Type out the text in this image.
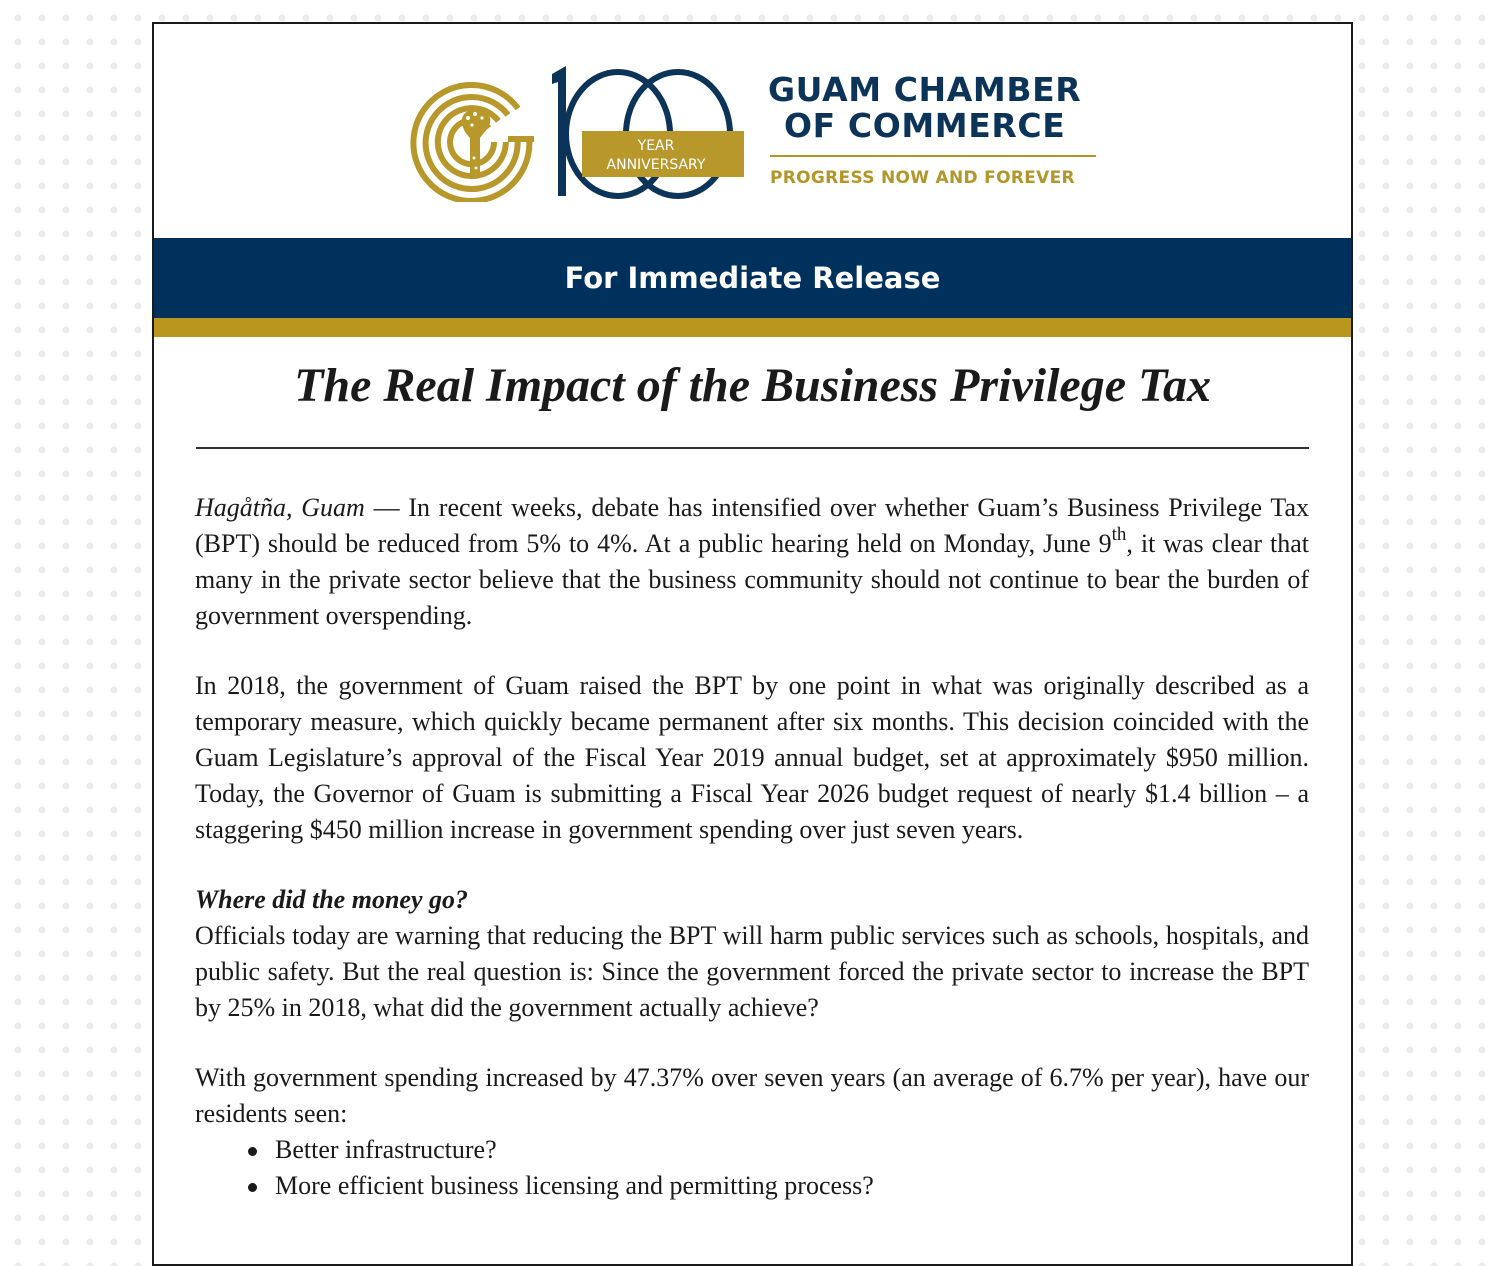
YEAR
ANNIVERSARY
GUAM CHAMBER
OF COMMERCE
PROGRESS NOW AND FOREVER
For Immediate Release
The Real Impact of the Business Privilege Tax

Hagåtña, Guam — In recent weeks, debate has intensified over whether Guam’s Business Privilege Tax (BPT) should be reduced from 5% to 4%. At a public hearing held on Monday, June 9th, it was clear that many in the private sector believe that the business community should not continue to bear the burden of government overspending.

In 2018, the government of Guam raised the BPT by one point in what was originally described as a temporary measure, which quickly became permanent after six months. This decision coincided with the Guam Legislature’s approval of the Fiscal Year 2019 annual budget, set at approximately $950 million. Today, the Governor of Guam is submitting a Fiscal Year 2026 budget request of nearly $1.4 billion – a staggering $450 million increase in government spending over just seven years.

Where did the money go?

Officials today are warning that reducing the BPT will harm public services such as schools, hospitals, and public safety. But the real question is: Since the government forced the private sector to increase the BPT by 25% in 2018, what did the government actually achieve?

With government spending increased by 47.37% over seven years (an average of 6.7% per year), have our residents seen:

Better infrastructure?
More efficient business licensing and permitting process?
